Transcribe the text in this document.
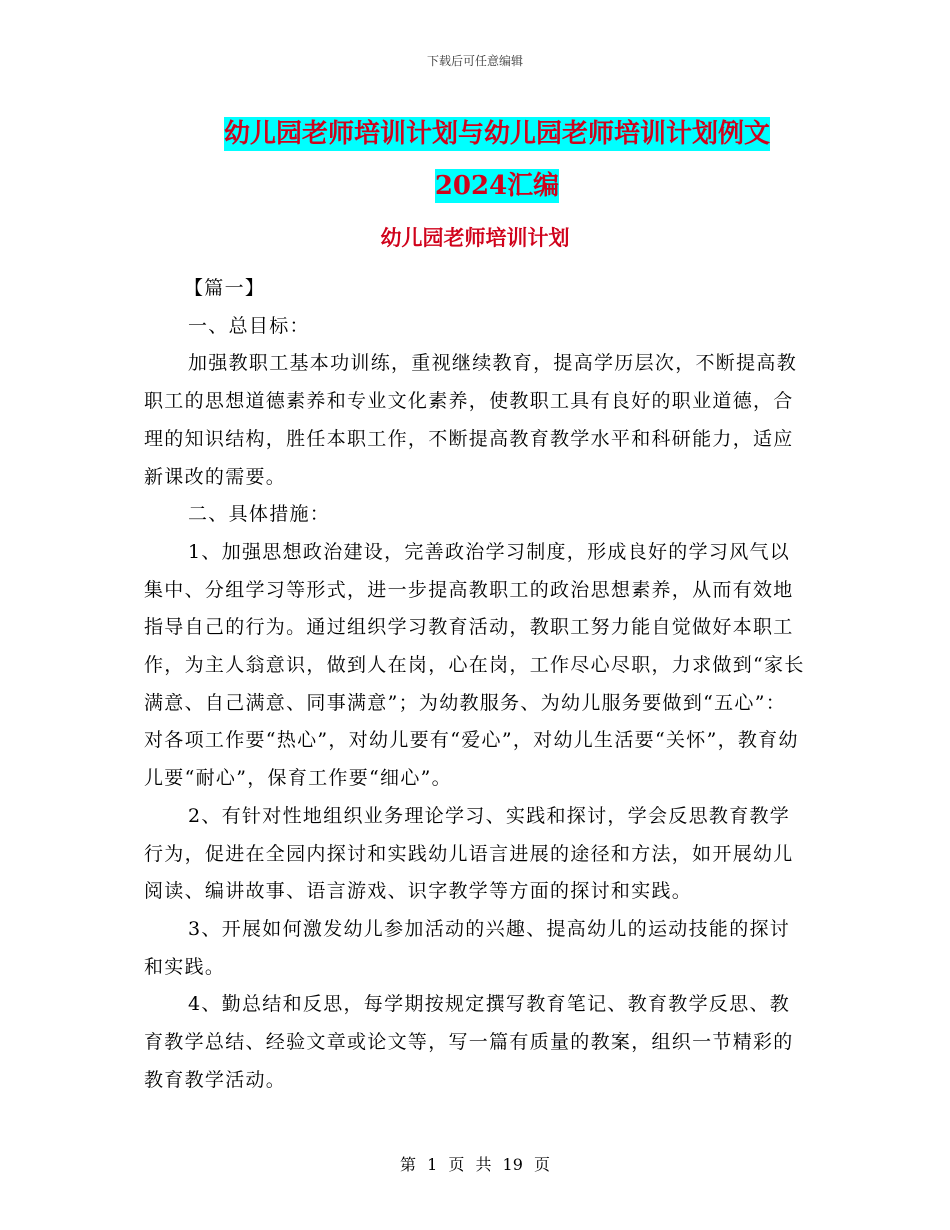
下载后可任意编辑
幼儿园老师培训计划与幼儿园老师培训计划例文2024汇编
幼儿园老师培训计划

【篇一】

一、总目标：

加强教职工基本功训练，重视继续教育，提高学历层次，不断提高教职工的思想道德素养和专业文化素养，使教职工具有良好的职业道德，合理的知识结构，胜任本职工作，不断提高教育教学水平和科研能力，适应新课改的需要。

二、具体措施：

1、加强思想政治建设，完善政治学习制度，形成良好的学习风气以集中、分组学习等形式，进一步提高教职工的政治思想素养，从而有效地指导自己的行为。通过组织学习教育活动，教职工努力能自觉做好本职工作，为主人翁意识，做到人在岗，心在岗，工作尽心尽职，力求做到“家长满意、自己满意、同事满意”；为幼教服务、为幼儿服务要做到“五心”：对各项工作要“热心”，对幼儿要有“爱心”，对幼儿生活要“关怀”，教育幼儿要“耐心”，保育工作要“细心”。

2、有针对性地组织业务理论学习、实践和探讨，学会反思教育教学行为，促进在全园内探讨和实践幼儿语言进展的途径和方法，如开展幼儿阅读、编讲故事、语言游戏、识字教学等方面的探讨和实践。

3、开展如何激发幼儿参加活动的兴趣、提高幼儿的运动技能的探讨和实践。

4、勤总结和反思，每学期按规定撰写教育笔记、教育教学反思、教育教学总结、经验文章或论文等，写一篇有质量的教案，组织一节精彩的教育教学活动。

第 1 页 共 19 页
